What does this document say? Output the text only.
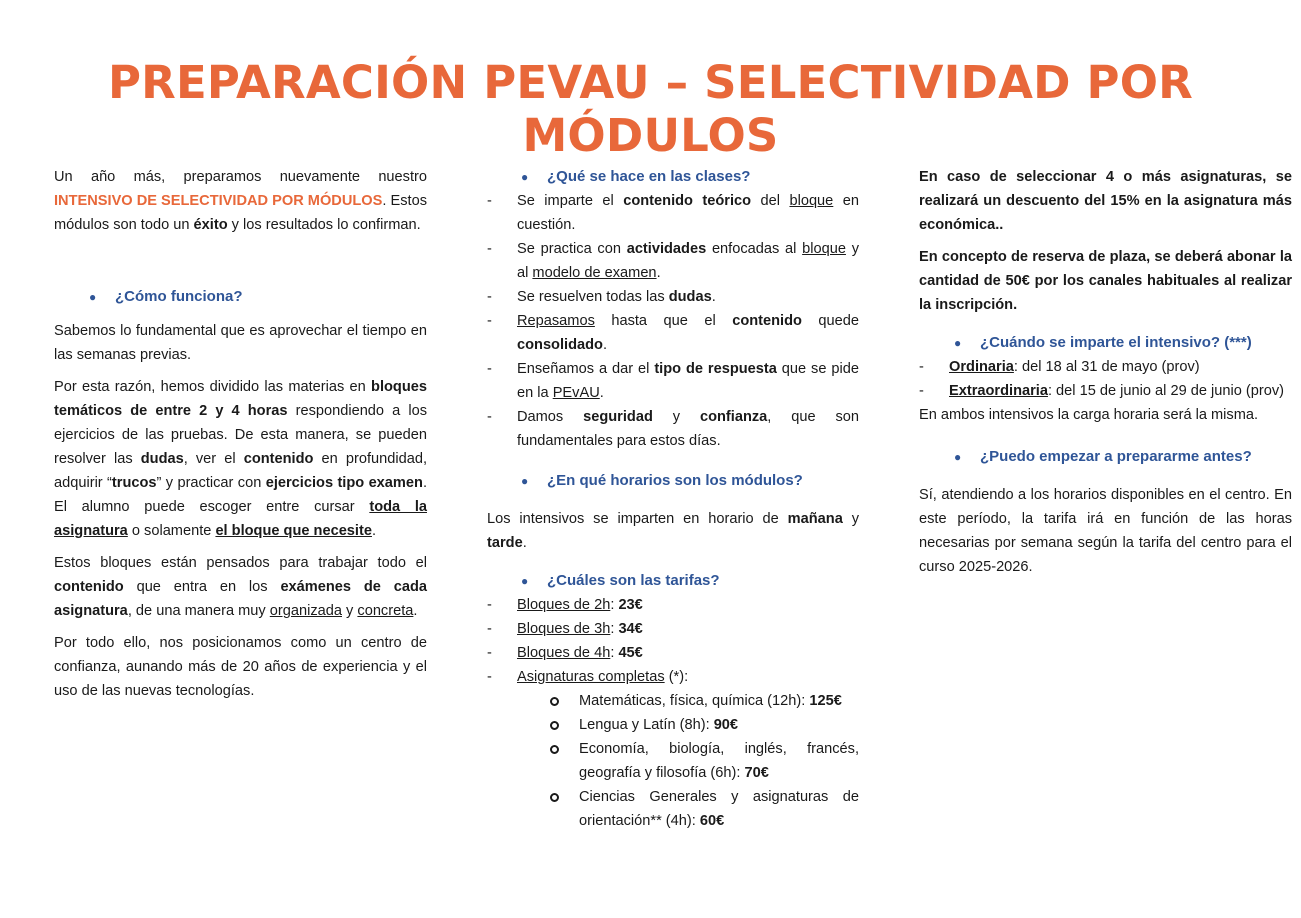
PREPARACIÓN PEVAU – SELECTIVIDAD POR MÓDULOS

Un año más, preparamos nuevamente nuestro INTENSIVO DE SELECTIVIDAD POR MÓDULOS. Estos módulos son todo un éxito y los resultados lo confirman.

● ¿Cómo funciona?

Sabemos lo fundamental que es aprovechar el tiempo en las semanas previas.

Por esta razón, hemos dividido las materias en bloques temáticos de entre 2 y 4 horas respondiendo a los ejercicios de las pruebas. De esta manera, se pueden resolver las dudas, ver el contenido en profundidad, adquirir “trucos” y practicar con ejercicios tipo examen. El alumno puede escoger entre cursar toda la asignatura o solamente el bloque que necesite.

Estos bloques están pensados para trabajar todo el contenido que entra en los exámenes de cada asignatura, de una manera muy organizada y concreta.

Por todo ello, nos posicionamos como un centro de confianza, aunando más de 20 años de experiencia y el uso de las nuevas tecnologías.

● ¿Qué se hace en las clases?
- Se imparte el contenido teórico del bloque en cuestión.
- Se practica con actividades enfocadas al bloque y al modelo de examen.
- Se resuelven todas las dudas.
- Repasamos hasta que el contenido quede consolidado.
- Enseñamos a dar el tipo de respuesta que se pide en la PEvAU.
- Damos seguridad y confianza, que son fundamentales para estos días.
● ¿En qué horarios son los módulos?

Los intensivos se imparten en horario de mañana y tarde.

● ¿Cuáles son las tarifas?
- Bloques de 2h: 23€
- Bloques de 3h: 34€
- Bloques de 4h: 45€
- Asignaturas completas (*):
Matemáticas, física, química (12h): 125€
Lengua y Latín (8h): 90€
Economía, biología, inglés, francés, geografía y filosofía (6h): 70€
Ciencias Generales y asignaturas de orientación** (4h): 60€

En caso de seleccionar 4 o más asignaturas, se realizará un descuento del 15% en la asignatura más económica..

En concepto de reserva de plaza, se deberá abonar la cantidad de 50€ por los canales habituales al realizar la inscripción.

● ¿Cuándo se imparte el intensivo? (***)
- Ordinaria: del 18 al 31 de mayo (prov)
- Extraordinaria: del 15 de junio al 29 de junio (prov)

En ambos intensivos la carga horaria será la misma.

● ¿Puedo empezar a prepararme antes?

Sí, atendiendo a los horarios disponibles en el centro. En este período, la tarifa irá en función de las horas necesarias por semana según la tarifa del centro para el curso 2025-2026.
